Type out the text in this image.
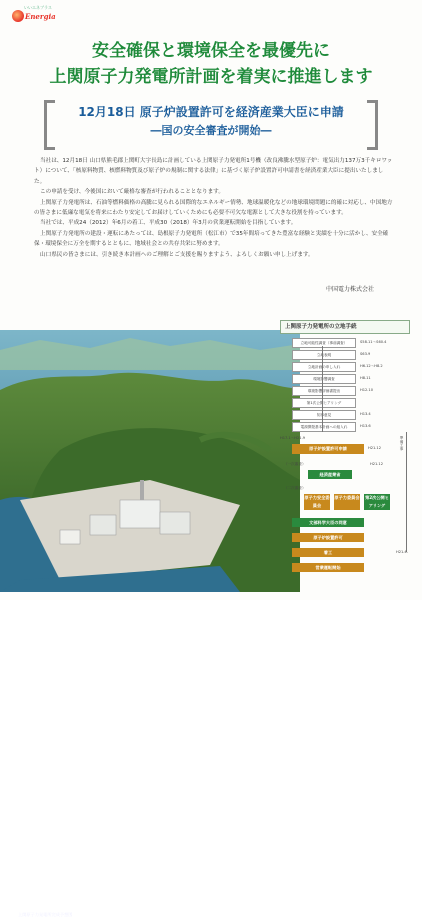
いいエネプラス
Energia
安全確保と環境保全を最優先に
上関原子力発電所計画を着実に推進します
12月18日 原子炉設置許可を経済産業大臣に申請
―国の安全審査が開始―

当社は、12月18日 山口県熊毛郡上関町大字長島に計画している上関原子力発電所1号機（改良沸騰水型原子炉：電気出力137万3千キロワット）について、「核原料物質、核燃料物質及び原子炉の規制に関する法律」に基づく原子炉設置許可申請書を経済産業大臣に提出いたしました。

この申請を受け、今後国において厳格な審査が行われることとなります。

上関原子力発電所は、石油等燃料価格の高騰に見られる国際的なエネルギー情勢、地球温暖化などの地球環境問題に的確に対応し、中国地方の皆さまに低廉な電気を将来にわたり安定してお届けしていくためにも必要不可欠な電源として大きな役割を持っています。

当社では、平成24（2012）年6月の着工、平成30（2018）年3月の営業運転開始を目指しています。

上関原子力発電所の建設・運転にあたっては、島根原子力発電所（松江市）で35年間培ってきた豊富な経験と実績を十分に活かし、安全確保・環境保全に万全を期するとともに、地域社会との共存共栄に努めます。

山口県民の皆さまには、引き続き本計画へのご理解とご支援を賜りますよう、よろしくお願い申し上げます。

中国電力株式会社
上関原子力発電所完成予想図
上関原子力発電所の立地手続
立地可能性調査（事前調査）	S58.11〜S60.4
立地表明	S63.9
立地計画の申し入れ	H6.12〜H8.2
環境影響調査	H8.11
環境影響評価書提出	H12.10
第1次公開ヒアリング
知事意見	H13.4
電源開発基本計画への組入れ	H13.6
H17.1〜H21.9
原子炉設置許可申請	H21.12
（一次審査）
経済産業省
（二次審査）
原子力安全委員会
原子力委員会 第2次公開ヒアリング
文部科学大臣の同意
原子炉設置許可
着工
営業運転開始
H21.12
準備工事
H21.4-
